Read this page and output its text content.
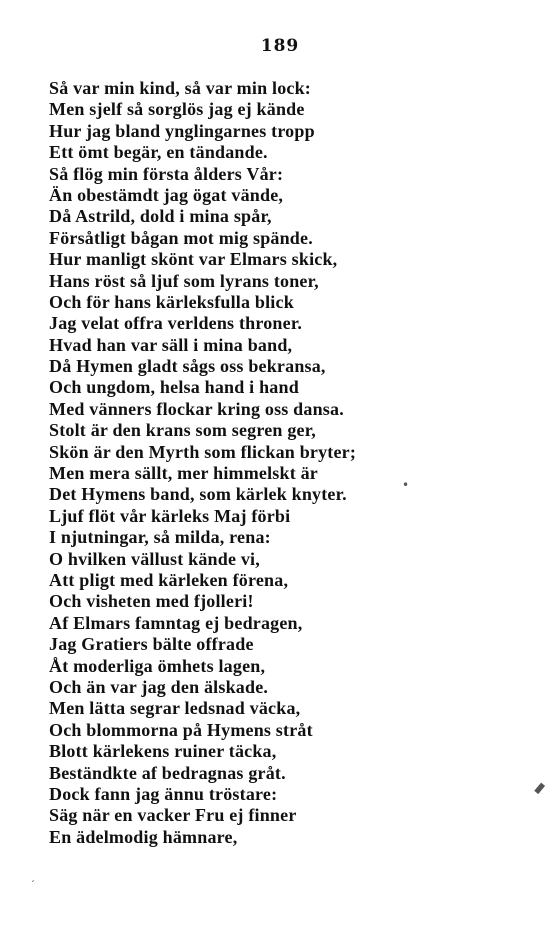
189
Så var min kind, så var min lock:
Men sjelf så sorglös jag ej kände
Hur jag bland ynglingarnes tropp
Ett ömt begär, en tändande.
Så flög min första ålders Vår:
Än obestämdt jag ögat vände,
Då Astrild, dold i mina spår,
Försåtligt bågan mot mig spände.
Hur manligt skönt var Elmars skick,
Hans röst så ljuf som lyrans toner,
Och för hans kärleksfulla blick
Jag velat offra verldens throner.
Hvad han var säll i mina band,
Då Hymen gladt sågs oss bekransa,
Och ungdom, helsa hand i hand
Med vänners flockar kring oss dansa.
Stolt är den krans som segren ger,
Skön är den Myrth som flickan bryter;
Men mera sällt, mer himmelskt är
Det Hymens band, som kärlek knyter.
Ljuf flöt vår kärleks Maj förbi
I njutningar, så milda, rena:
O hvilken vällust kände vi,
Att pligt med kärleken förena,
Och visheten med fjolleri!
Af Elmars famntag ej bedragen,
Jag Gratiers bälte offrade
Åt moderliga ömhets lagen,
Och än var jag den älskade.
Men lätta segrar ledsnad väcka,
Och blommorna på Hymens stråt
Blott kärlekens ruiner täcka,
Beständkte af bedragnas gråt.
Dock fann jag ännu tröstare:
Säg när en vacker Fru ej finner
En ädelmodig hämnare,
•
▮
´
